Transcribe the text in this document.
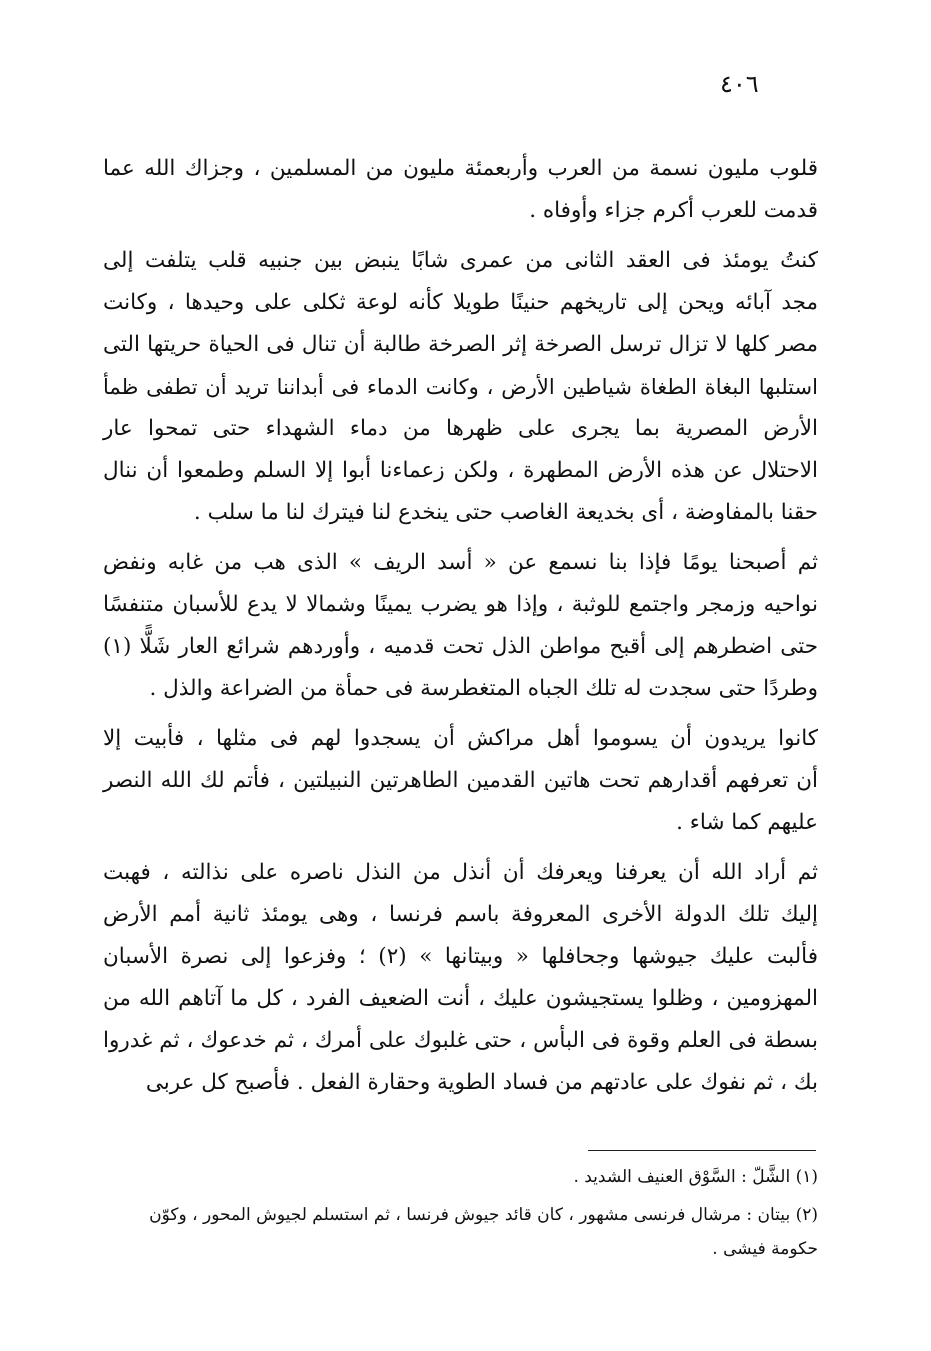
٤٠٦

قلوب مليون نسمة من العرب وأربعمئة مليون من المسلمين ، وجزاك الله عما
قدمت للعرب أكرم جزاء وأوفاه .

كنتُ يومئذ فى العقد الثانى من عمرى شابًا ينبض بين جنبيه قلب يتلفت إلى
مجد آبائه ويحن إلى تاريخهم حنينًا طويلا كأنه لوعة ثكلى على وحيدها ، وكانت
مصر كلها لا تزال ترسل الصرخة إثر الصرخة طالبة أن تنال فى الحياة حريتها التى
استلبها البغاة الطغاة شياطين الأرض ، وكانت الدماء فى أبداننا تريد أن تطفى ظمأ
الأرض المصرية بما يجرى على ظهرها من دماء الشهداء حتى تمحوا عار
الاحتلال عن هذه الأرض المطهرة ، ولكن زعماءنا أبوا إلا السلم وطمعوا أن ننال
حقنا بالمفاوضة ، أى بخديعة الغاصب حتى ينخدع لنا فيترك لنا ما سلب .

ثم أصبحنا يومًا فإذا بنا نسمع عن « أسد الريف » الذى هب من غابه ونفض
نواحيه وزمجر واجتمع للوثبة ، وإذا هو يضرب يمينًا وشمالا لا يدع للأسبان متنفسًا
حتى اضطرهم إلى أقبح مواطن الذل تحت قدميه ، وأوردهم شرائع العار شَلًّا (١)
وطردًا حتى سجدت له تلك الجباه المتغطرسة فى حمأة من الضراعة والذل .

كانوا يريدون أن يسوموا أهل مراكش أن يسجدوا لهم فى مثلها ، فأبيت إلا
أن تعرفهم أقدارهم تحت هاتين القدمين الطاهرتين النبيلتين ، فأتم لك الله النصر
عليهم كما شاء .

ثم أراد الله أن يعرفنا ويعرفك أن أنذل من النذل ناصره على نذالته ، فهبت
إليك تلك الدولة الأخرى المعروفة باسم فرنسا ، وهى يومئذ ثانية أمم الأرض
فألبت عليك جيوشها وجحافلها « وبيتانها » (٢) ؛ وفزعوا إلى نصرة الأسبان
المهزومين ، وظلوا يستجيشون عليك ، أنت الضعيف الفرد ، كل ما آتاهم الله من
بسطة فى العلم وقوة فى البأس ، حتى غلبوك على أمرك ، ثم خدعوك ، ثم غدروا
بك ، ثم نفوك على عادتهم من فساد الطوية وحقارة الفعل . فأصبح كل عربى

(١) الشَّلّ : السَّوْق العنيف الشديد .

(٢) بيتان : مرشال فرنسى مشهور ، كان قائد جيوش فرنسا ، ثم استسلم لجيوش المحور ، وكوّن
حكومة فيشى .
